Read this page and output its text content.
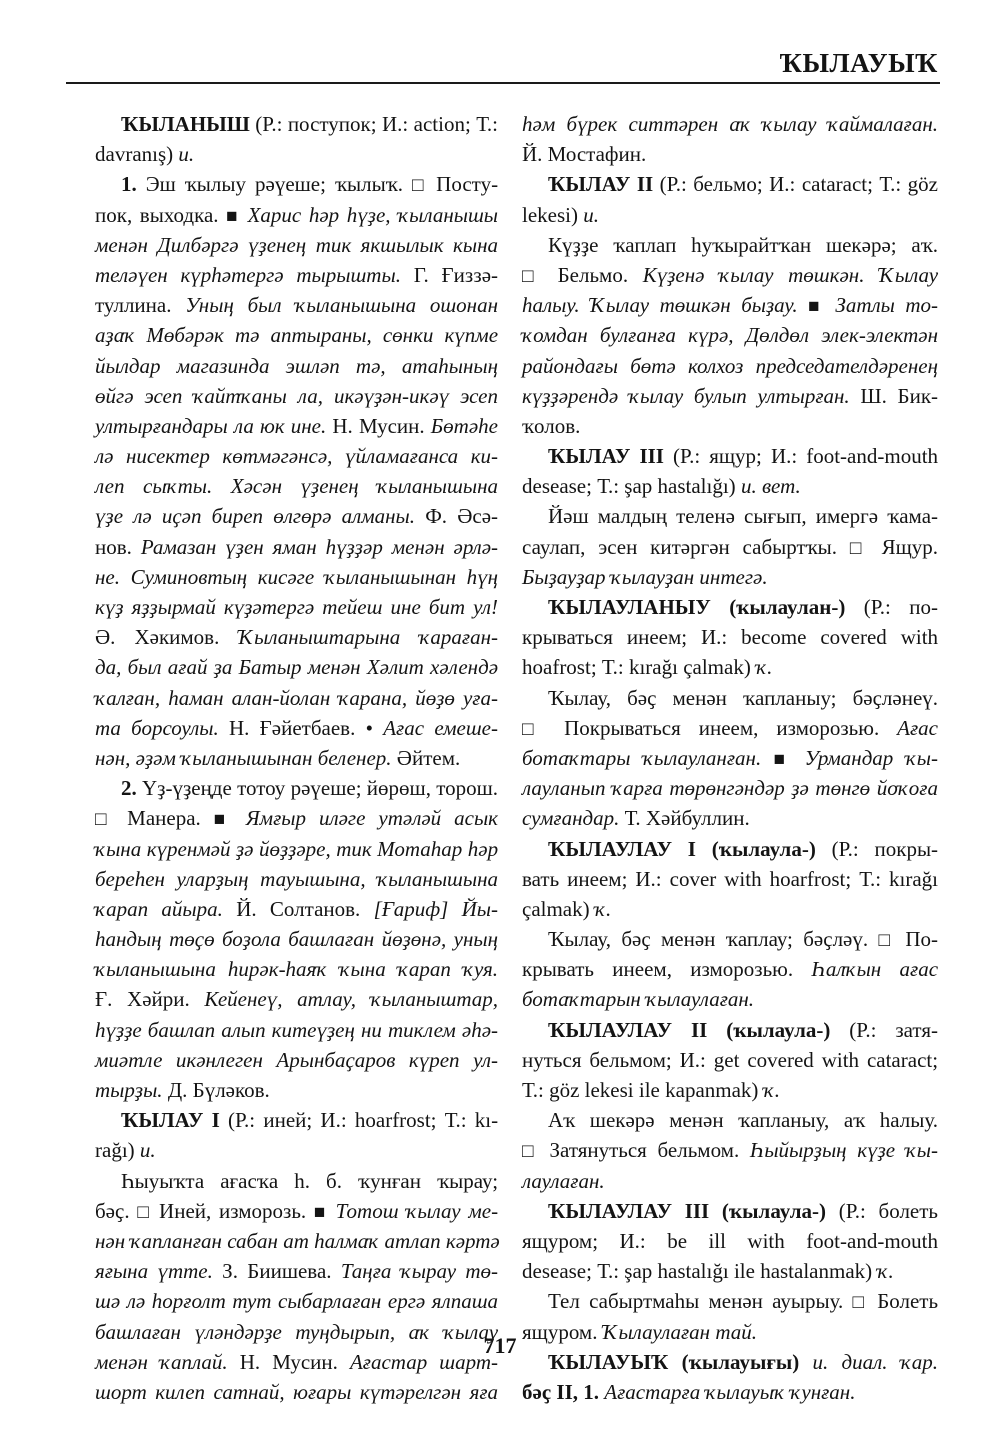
ҠЫЛАУЫҠ
ҠЫЛАНЫШ (Р.: поступок; И.: action; Т.:
davranış) и.
1. Эш ҡылыу рәүеше; ҡылыҡ. □ Посту-
пок, выходка. ■ Харис һәр һүҙе, ҡыланышы
менән Дилбәргә үҙенең тик якшылык кына
теләүен күрһәтергә тырышты. Г. Ғиззә-
туллина. Уның был ҡыланышына ошонан
аҙаҡ Мөбәрәк тә аптыраны, сөнки күпме
йылдар магазинда эшләп тә, атаһының
өйгә эсеп ҡайтҡаны ла, икәүҙән-икәү эсеп
ултырғандары ла юк ине. Н. Мусин. Бөтәһе
лә нисектер көтмәгәнсә, үйламағанса ки-
леп сыҡты. Хәсән үҙенең ҡыланышына
үҙе лә иҫәп биреп өлгөрә алманы. Ф. Әсә-
нов. Рамазан үҙен яман һүҙҙәр менән әрлә-
не. Суминовтың кисәге ҡыланышынан һүң
күҙ яҙҙырмай күҙәтергә тейеш ине бит ул!
Ә. Хәкимов. Ҡыланыштарына ҡараған-
да, был ағай ҙа Батыр менән Хәлит хәлендә
ҡалған, һаман алан-йолан ҡарана, йөҙө уға-
та борсоулы. Н. Ғәйетбаев. • Ағас емеше-
нән, әҙәм ҡыланышынан беленер. Әйтем.
2. Үҙ-үҙеңде тотоу рәүеше; йөрөш, торош.
□ Манера. ■ Ямғыр иләге утәләй асык
ҡына күренмәй ҙә йөҙҙәре, тик Мотаһар һәр
береһен уларҙың тауышына, ҡыланышына
ҡарап айыра. Й. Солтанов. [Ғариф] Йы-
һандың төҫө боҙола башлаған йөҙөнә, уның
ҡыланышына һирәк-һаяҡ ҡына ҡарап ҡуя.
Ғ. Хәйри. Кейенеү, атлау, ҡыланыштар,
һүҙҙе башлап алып китеүҙең ни тиклем әһә-
миәтле икәнлеген Арынбаҫаров күреп ул-
тырҙы. Д. Бүләков.
ҠЫЛАУ I (Р.: иней; И.: hoarfrost; Т.: kı-
rağı) и.
Һыуыҡта ағасҡа һ. б. ҡунған ҡырау;
бәҫ. □ Иней, изморозь. ■ Тотош ҡылау ме-
нән ҡапланған сабан ат һалмаҡ атлап кәртә
яғына үтте. З. Биишева. Таңға ҡырау тө-
шә лә һорғолт тут сыбарлаған ергә ялпаша
башлаған үләндәрҙе туңдырып, аҡ ҡылау
менән ҡаплай. Н. Мусин. Ағастар шарт-
шорт килеп сатнай, юғары күтәрелгән яға
һәм бүрек ситтәрен аҡ ҡылау ҡаймалаған.
Й. Мостафин.
ҠЫЛАУ II (Р.: бельмо; И.: cataract; Т.: göz
lekesi) и.
Күҙҙе ҡаплап һуҡырайтҡан шекәрә; аҡ.
□ Бельмо. Күҙенә ҡылау төшкән. Ҡылау
һалыу. Ҡылау төшкән быҙау. ■ Затлы то-
ҡомдан булғанға күрә, Дөлдөл элек-электән
райондағы бөтә колхоз председателдәренең
күҙҙәрендә ҡылау булып ултырған. Ш. Бик-
ҡолов.
ҠЫЛАУ III (Р.: ящур; И.: foot-and-mouth
desease; Т.: şap hastalığı) и. вет.
Йәш малдың теленә сығып, имергә ҡама-
саулап, эсен китәргән сабыртҡы. □ Ящур.
Быҙауҙар ҡылауҙан интегә.
ҠЫЛАУЛАНЫУ (ҡылаулан-) (Р.: по-
крываться инеем; И.: become covered with
hoafrost; Т.: kırağı çalmak) ҡ.
Ҡылау, бәҫ менән ҡапланыу; бәҫләнеү.
□ Покрываться инеем, изморозью. Ағас
ботаҡтары ҡылауланған. ■ Урмандар ҡы-
лауланып ҡарға төрөнгәндәр ҙә төнгө йоҡоға
сумғандар. Т. Хәйбуллин.
ҠЫЛАУЛАУ I (ҡылаула-) (Р.: покры-
вать инеем; И.: cover with hoarfrost; Т.: kırağı
çalmak) ҡ.
Ҡылау, бәҫ менән ҡаплау; бәҫләү. □ По-
крывать инеем, изморозью. Һалҡын ағас
ботаҡтарын ҡылаулаған.
ҠЫЛАУЛАУ II (ҡылаула-) (Р.: затя-
нуться бельмом; И.: get covered with cataract;
Т.: göz lekesi ile kapanmak) ҡ.
Аҡ шекәрә менән ҡапланыу, аҡ һалыу.
□ Затянуться бельмом. Һыйырҙың күҙе ҡы-
лаулаған.
ҠЫЛАУЛАУ III (ҡылаула-) (Р.: болеть
ящуром; И.: be ill with foot-and-mouth
desease; Т.: şap hastalığı ile hastalanmak) ҡ.
Тел сабыртмаһы менән ауырыу. □ Болеть
ящуром. Ҡылаулаған тай.
ҠЫЛАУЫҠ (ҡылауығы) и. диал. ҡар.
бәҫ II, 1. Ағастарға ҡылауыҡ ҡунған.
717
